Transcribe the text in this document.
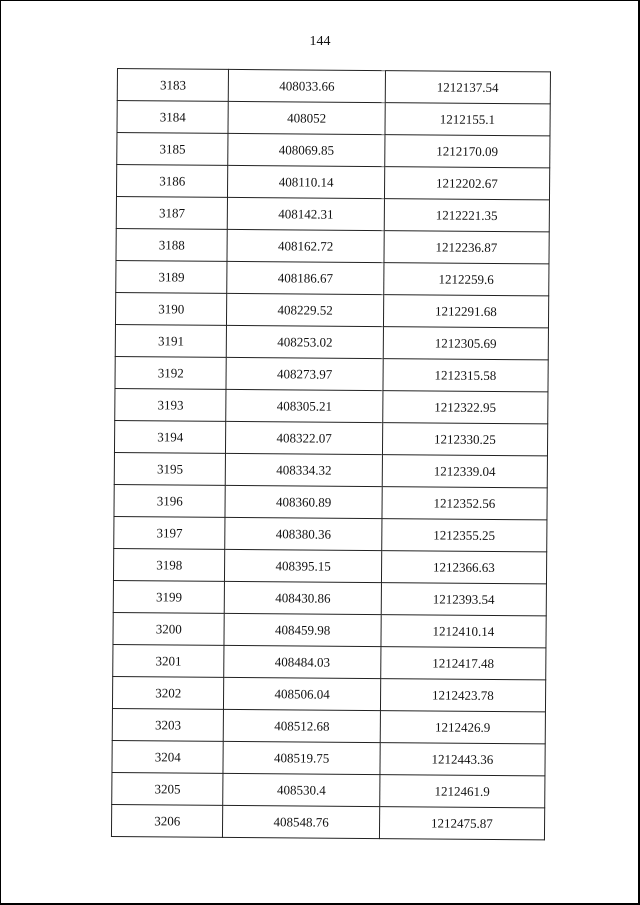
144
3183	408033.66	1212137.54
3184	408052	1212155.1
3185	408069.85	1212170.09
3186	408110.14	1212202.67
3187	408142.31	1212221.35
3188	408162.72	1212236.87
3189	408186.67	1212259.6
3190	408229.52	1212291.68
3191	408253.02	1212305.69
3192	408273.97	1212315.58
3193	408305.21	1212322.95
3194	408322.07	1212330.25
3195	408334.32	1212339.04
3196	408360.89	1212352.56
3197	408380.36	1212355.25
3198	408395.15	1212366.63
3199	408430.86	1212393.54
3200	408459.98	1212410.14
3201	408484.03	1212417.48
3202	408506.04	1212423.78
3203	408512.68	1212426.9
3204	408519.75	1212443.36
3205	408530.4	1212461.9
3206	408548.76	1212475.87
